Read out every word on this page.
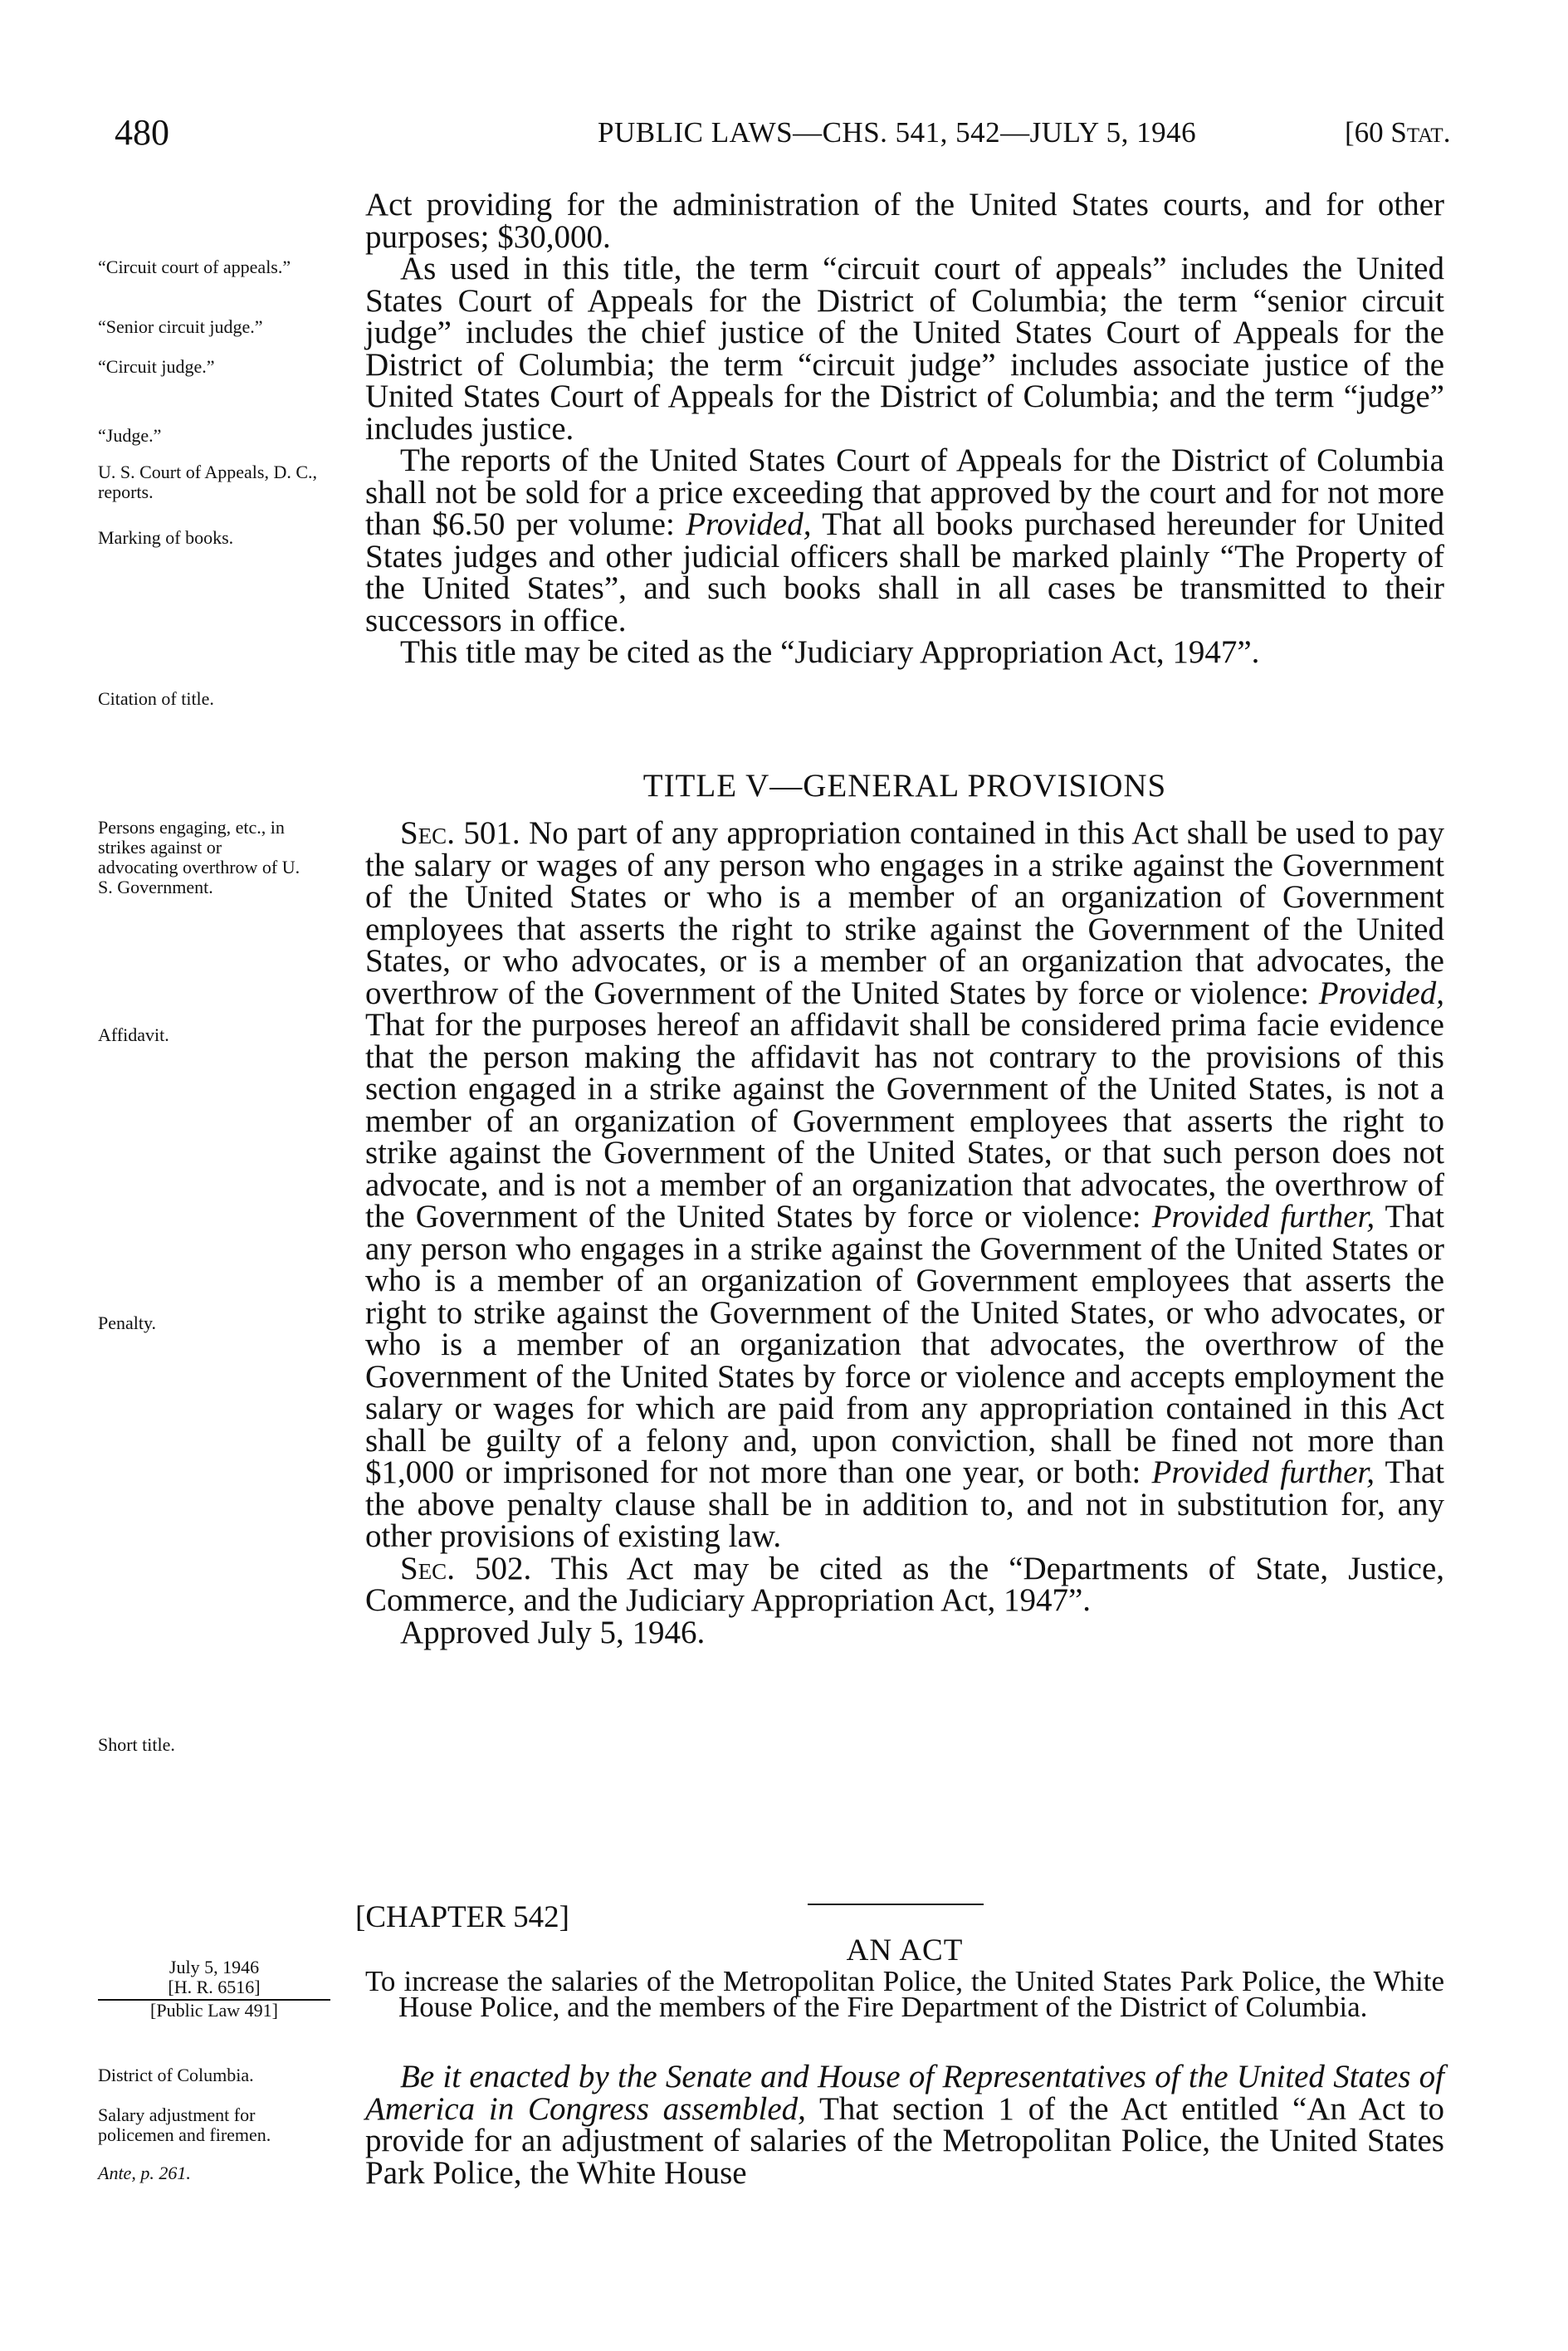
480	PUBLIC LAWS—CHS. 541, 542—JULY 5, 1946	[60 Stat.
“Circuit court of appeals.”
“Senior circuit judge.”
“Circuit judge.”
“Judge.”
U. S. Court of Appeals, D. C., reports.
Marking of books.
Citation of title.
Persons engaging, etc., in strikes against or advocating overthrow of U. S. Government.
Affidavit.
Penalty.
Short title.

July 5, 1946

[H. R. 6516]

[Public Law 491]

District of Columbia.
Salary adjustment for policemen and firemen.
Ante, p. 261.

Act providing for the administration of the United States courts, and for other purposes; $30,000.

As used in this title, the term “circuit court of appeals” includes the United States Court of Appeals for the District of Columbia; the term “senior circuit judge” includes the chief justice of the United States Court of Appeals for the District of Columbia; the term “circuit judge” includes associate justice of the United States Court of Appeals for the District of Columbia; and the term “judge” includes justice.

The reports of the United States Court of Appeals for the District of Columbia shall not be sold for a price exceeding that approved by the court and for not more than $6.50 per volume: Provided, That all books purchased hereunder for United States judges and other judicial officers shall be marked plainly “The Property of the United States”, and such books shall in all cases be transmitted to their successors in office.

This title may be cited as the “Judiciary Appropriation Act, 1947”.

TITLE V—GENERAL PROVISIONS

Sec. 501. No part of any appropriation contained in this Act shall be used to pay the salary or wages of any person who engages in a strike against the Government of the United States or who is a member of an organization of Government employees that asserts the right to strike against the Government of the United States, or who advocates, or is a member of an organization that advocates, the overthrow of the Government of the United States by force or violence: Provided, That for the purposes hereof an affidavit shall be considered prima facie evidence that the person making the affidavit has not contrary to the provisions of this section engaged in a strike against the Government of the United States, is not a member of an organization of Government employees that asserts the right to strike against the Government of the United States, or that such person does not advocate, and is not a member of an organization that advocates, the overthrow of the Government of the United States by force or violence: Provided further, That any person who engages in a strike against the Government of the United States or who is a member of an organization of Government employees that asserts the right to strike against the Government of the United States, or who advocates, or who is a member of an organization that advocates, the overthrow of the Government of the United States by force or violence and accepts employment the salary or wages for which are paid from any appropriation contained in this Act shall be guilty of a felony and, upon conviction, shall be fined not more than $1,000 or imprisoned for not more than one year, or both: Provided further, That the above penalty clause shall be in addition to, and not in substitution for, any other provisions of existing law.

Sec. 502. This Act may be cited as the “Departments of State, Justice, Commerce, and the Judiciary Appropriation Act, 1947”.

Approved July 5, 1946.

[CHAPTER 542]
AN ACT
To increase the salaries of the Metropolitan Police, the United States Park Police, the White House Police, and the members of the Fire Department of the District of Columbia.
Be it enacted by the Senate and House of Representatives of the United States of America in Congress assembled, That section 1 of the Act entitled “An Act to provide for an adjustment of salaries of the Metropolitan Police, the United States Park Police, the White House
